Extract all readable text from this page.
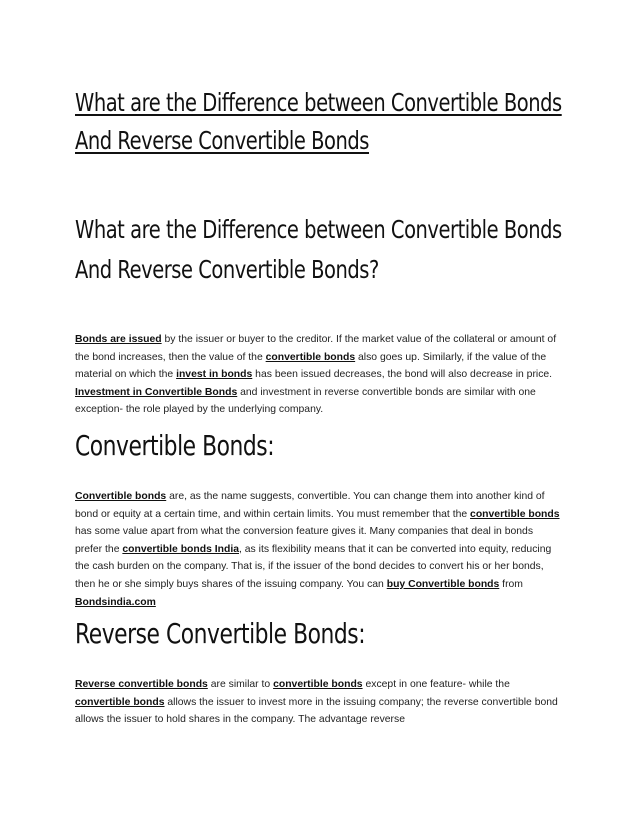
What are the Difference between Convertible Bonds
And Reverse Convertible Bonds
What are the Difference between Convertible Bonds
And Reverse Convertible Bonds?

Bonds are issued by the issuer or buyer to the creditor. If the market value of the collateral or amount of the bond increases, then the value of the convertible bonds also goes up. Similarly, if the value of the material on which the invest in bonds has been issued decreases, the bond will also decrease in price. Investment in Convertible Bonds and investment in reverse convertible bonds are similar with one exception- the role played by the underlying company.

Convertible Bonds:

Convertible bonds are, as the name suggests, convertible. You can change them into another kind of bond or equity at a certain time, and within certain limits. You must remember that the convertible bonds has some value apart from what the conversion feature gives it. Many companies that deal in bonds prefer the convertible bonds India, as its flexibility means that it can be converted into equity, reducing the cash burden on the company. That is, if the issuer of the bond decides to convert his or her bonds, then he or she simply buys shares of the issuing company. You can buy Convertible bonds from Bondsindia.com

Reverse Convertible Bonds:

Reverse convertible bonds are similar to convertible bonds except in one feature- while the convertible bonds allows the issuer to invest more in the issuing company; the reverse convertible bond allows the issuer to hold shares in the company. The advantage reverse
